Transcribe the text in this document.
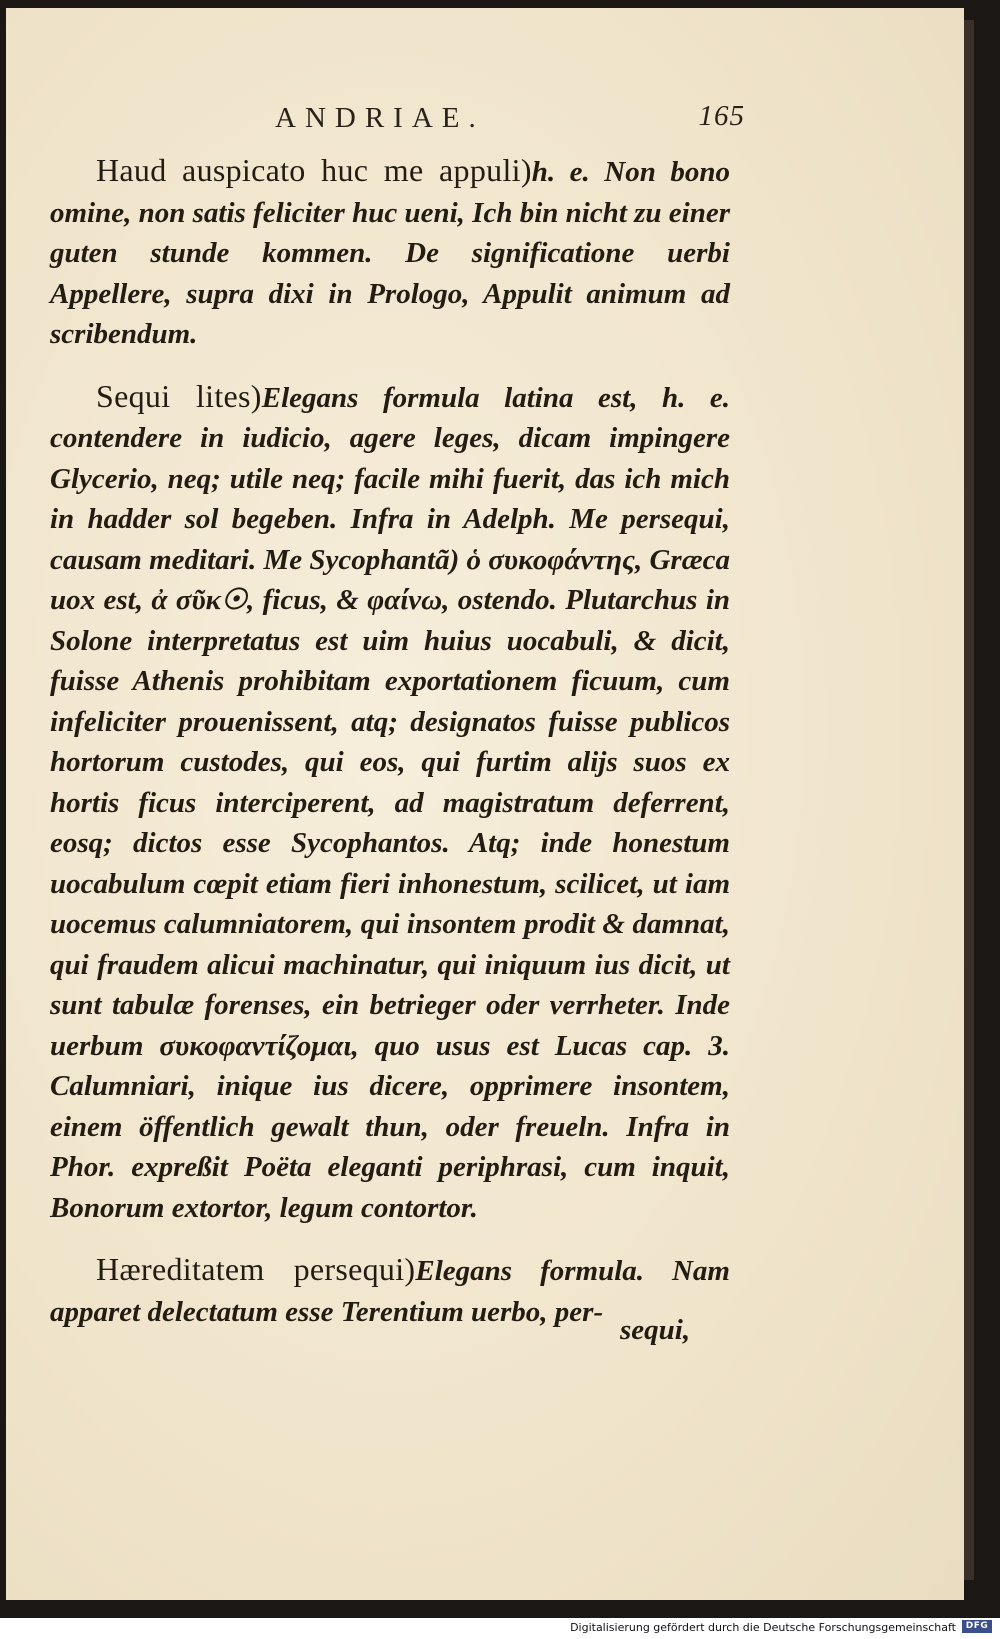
ANDRIAE.	165

Haud auspicato huc me appuli)h. e. Non bono omine, non satis feliciter huc ueni, Ich bin nicht zu einer guten stunde kommen. De significatione uerbi Appellere, supra dixi in Prologo, Appulit animum ad scribendum.

Sequi lites)Elegans formula latina est, h. e. contendere in iudicio, agere leges, dicam impingere Glycerio, neq; utile neq; facile mihi fuerit, das ich mich in hadder sol begeben. Infra in Adelph. Me persequi, causam meditari. Me Sycophantã) ὁ συκοφάντης, Græca uox est, ἀ σῦκ☉, ficus, & φαίνω, ostendo. Plutarchus in Solone interpretatus est uim huius uocabuli, & dicit, fuisse Athenis prohibitam exportationem ficuum, cum infeliciter prouenissent, atq; designatos fuisse publicos hortorum custodes, qui eos, qui furtim alijs suos ex hortis ficus interciperent, ad magistratum deferrent, eosq; dictos esse Sycophantos. Atq; inde honestum uocabulum cœpit etiam fieri inhonestum, scilicet, ut iam uocemus calumniatorem, qui insontem prodit & damnat, qui fraudem alicui machinatur, qui iniquum ius dicit, ut sunt tabulæ forenses, ein betrieger oder verrheter. Inde uerbum συκοφαντίζομαι, quo usus est Lucas cap. 3. Calumniari, inique ius dicere, opprimere insontem, einem öffentlich gewalt thun, oder freueln. Infra in Phor. expreßit Poëta eleganti periphrasi, cum inquit, Bonorum extortor, legum contortor.

Hæreditatem persequi)Elegans formula. Nam apparet delectatum esse Terentium uerbo, per-

sequi,
Digitalisierung gefördert durch die Deutsche Forschungsgemeinschaft	DFG
